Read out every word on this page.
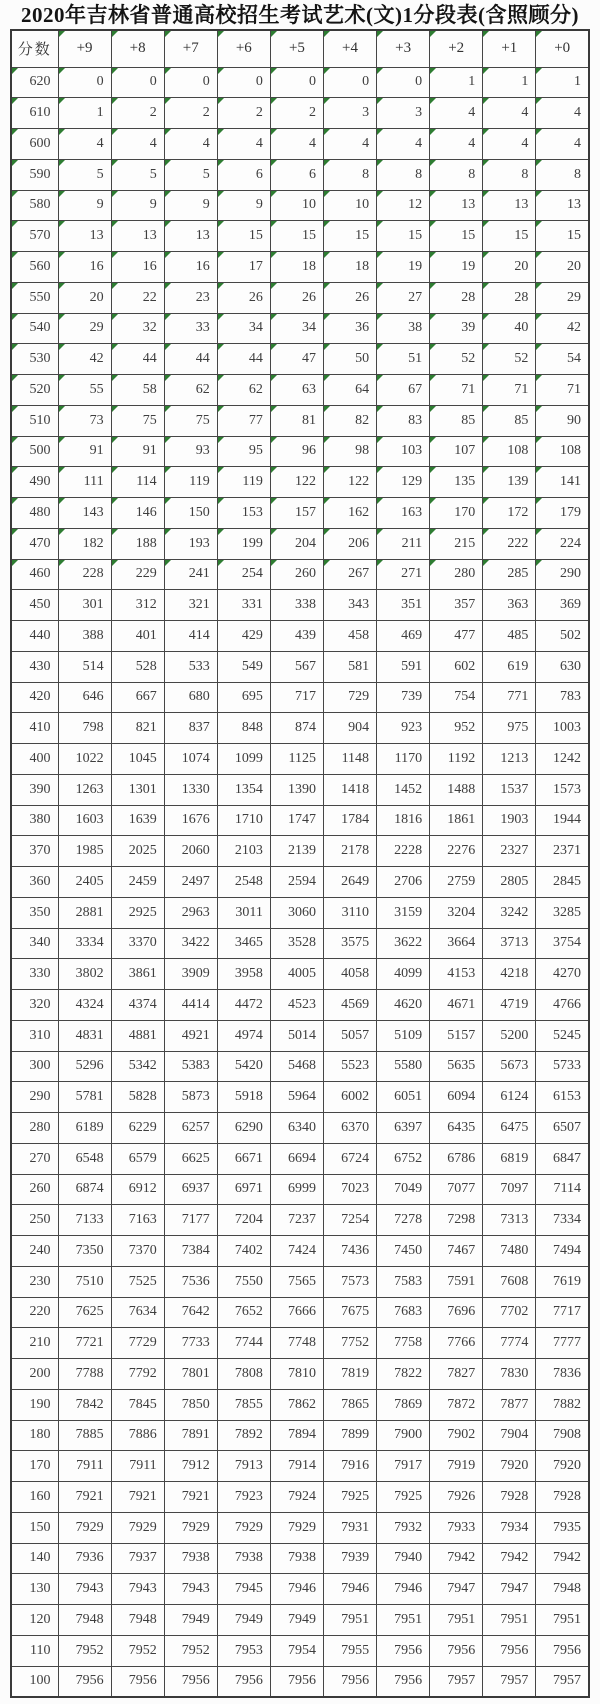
2020年吉林省普通高校招生考试艺术(文)1分段表(含照顾分)
分数	+9	+8	+7	+6	+5	+4	+3	+2	+1	+0
620	0	0	0	0	0	0	0	1	1	1
610	1	2	2	2	2	3	3	4	4	4
600	4	4	4	4	4	4	4	4	4	4
590	5	5	5	6	6	8	8	8	8	8
580	9	9	9	9	10	10	12	13	13	13
570	13	13	13	15	15	15	15	15	15	15
560	16	16	16	17	18	18	19	19	20	20
550	20	22	23	26	26	26	27	28	28	29
540	29	32	33	34	34	36	38	39	40	42
530	42	44	44	44	47	50	51	52	52	54
520	55	58	62	62	63	64	67	71	71	71
510	73	75	75	77	81	82	83	85	85	90
500	91	91	93	95	96	98	103	107	108	108
490	111	114	119	119	122	122	129	135	139	141
480	143	146	150	153	157	162	163	170	172	179
470	182	188	193	199	204	206	211	215	222	224
460	228	229	241	254	260	267	271	280	285	290
450	301	312	321	331	338	343	351	357	363	369
440	388	401	414	429	439	458	469	477	485	502
430	514	528	533	549	567	581	591	602	619	630
420	646	667	680	695	717	729	739	754	771	783
410	798	821	837	848	874	904	923	952	975	1003
400	1022	1045	1074	1099	1125	1148	1170	1192	1213	1242
390	1263	1301	1330	1354	1390	1418	1452	1488	1537	1573
380	1603	1639	1676	1710	1747	1784	1816	1861	1903	1944
370	1985	2025	2060	2103	2139	2178	2228	2276	2327	2371
360	2405	2459	2497	2548	2594	2649	2706	2759	2805	2845
350	2881	2925	2963	3011	3060	3110	3159	3204	3242	3285
340	3334	3370	3422	3465	3528	3575	3622	3664	3713	3754
330	3802	3861	3909	3958	4005	4058	4099	4153	4218	4270
320	4324	4374	4414	4472	4523	4569	4620	4671	4719	4766
310	4831	4881	4921	4974	5014	5057	5109	5157	5200	5245
300	5296	5342	5383	5420	5468	5523	5580	5635	5673	5733
290	5781	5828	5873	5918	5964	6002	6051	6094	6124	6153
280	6189	6229	6257	6290	6340	6370	6397	6435	6475	6507
270	6548	6579	6625	6671	6694	6724	6752	6786	6819	6847
260	6874	6912	6937	6971	6999	7023	7049	7077	7097	7114
250	7133	7163	7177	7204	7237	7254	7278	7298	7313	7334
240	7350	7370	7384	7402	7424	7436	7450	7467	7480	7494
230	7510	7525	7536	7550	7565	7573	7583	7591	7608	7619
220	7625	7634	7642	7652	7666	7675	7683	7696	7702	7717
210	7721	7729	7733	7744	7748	7752	7758	7766	7774	7777
200	7788	7792	7801	7808	7810	7819	7822	7827	7830	7836
190	7842	7845	7850	7855	7862	7865	7869	7872	7877	7882
180	7885	7886	7891	7892	7894	7899	7900	7902	7904	7908
170	7911	7911	7912	7913	7914	7916	7917	7919	7920	7920
160	7921	7921	7921	7923	7924	7925	7925	7926	7928	7928
150	7929	7929	7929	7929	7929	7931	7932	7933	7934	7935
140	7936	7937	7938	7938	7938	7939	7940	7942	7942	7942
130	7943	7943	7943	7945	7946	7946	7946	7947	7947	7948
120	7948	7948	7949	7949	7949	7951	7951	7951	7951	7951
110	7952	7952	7952	7953	7954	7955	7956	7956	7956	7956
100	7956	7956	7956	7956	7956	7956	7956	7957	7957	7957
